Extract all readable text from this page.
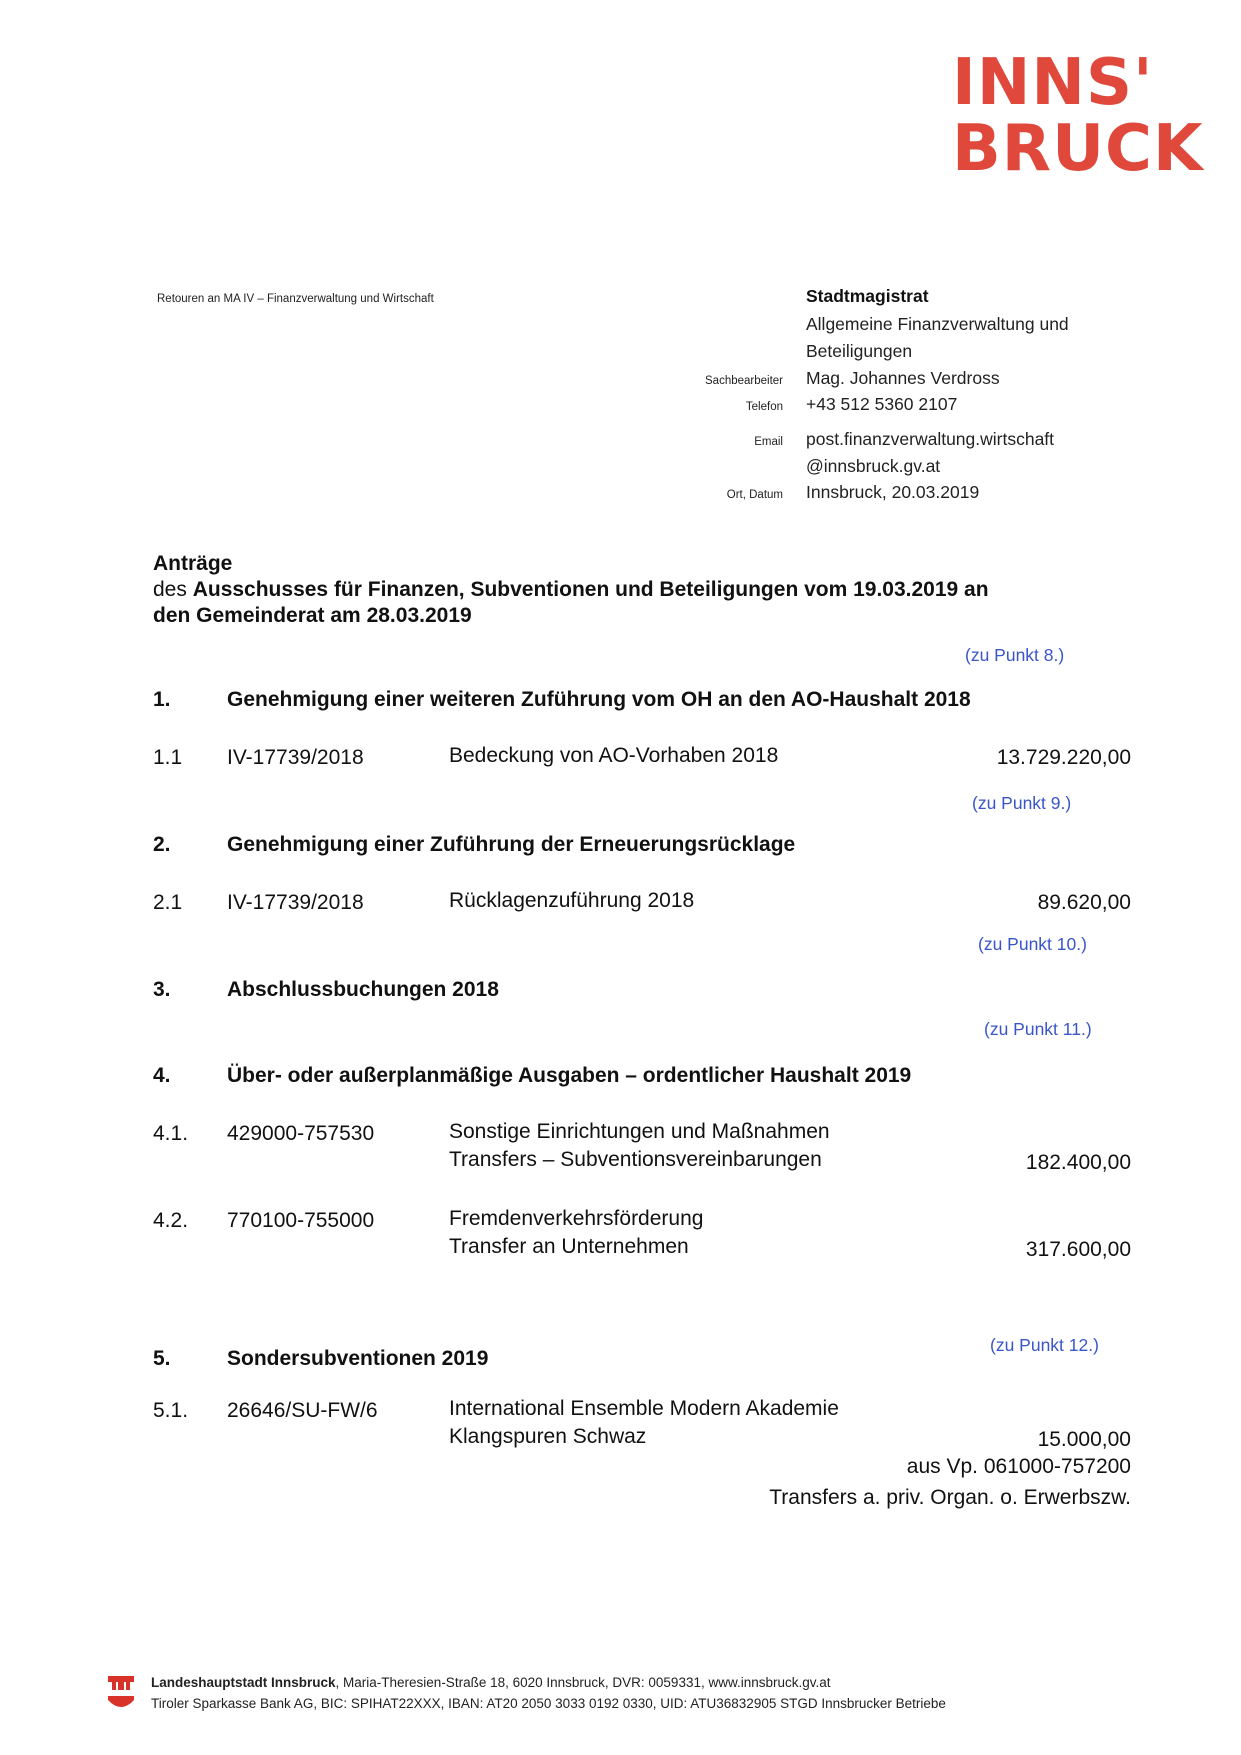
INNS'
BRUCK
Retouren an MA IV – Finanzverwaltung und Wirtschaft	Stadtmagistrat
Allgemeine Finanzverwaltung und
Beteiligungen
Sachbearbeiter Mag. Johannes Verdross
Telefon +43 512 5360 2107
Email post.finanzverwaltung.wirtschaft
@innsbruck.gv.at
Ort, Datum Innsbruck, 20.03.2019
Anträge
des Ausschusses für Finanzen, Subventionen und Beteiligungen vom 19.03.2019 an
den Gemeinderat am 28.03.2019
(zu Punkt 8.)
1.	Genehmigung einer weiteren Zuführung vom OH an den AO-Haushalt 2018
1.1 IV-17739/2018	Bedeckung von AO-Vorhaben 2018	13.729.220,00
(zu Punkt 9.)
2.	Genehmigung einer Zuführung der Erneuerungsrücklage
2.1 IV-17739/2018	Rücklagenzuführung 2018	89.620,00
(zu Punkt 10.)
3.	Abschlussbuchungen 2018
(zu Punkt 11.)
4.	Über- oder außerplanmäßige Ausgaben – ordentlicher Haushalt 2019
4.1. 429000-757530	Sonstige Einrichtungen und Maßnahmen
Transfers – Subventionsvereinbarungen	182.400,00
4.2. 770100-755000	Fremdenverkehrsförderung
Transfer an Unternehmen	317.600,00
(zu Punkt 12.)
5.	Sondersubventionen 2019
5.1. 26646/SU-FW/6	International Ensemble Modern Akademie
Klangspuren Schwaz	15.000,00
aus Vp. 061000-757200
Transfers a. priv. Organ. o. Erwerbszw.
Landeshauptstadt Innsbruck, Maria-Theresien-Straße 18, 6020 Innsbruck, DVR: 0059331, www.innsbruck.gv.at
Tiroler Sparkasse Bank AG, BIC: SPIHAT22XXX, IBAN: AT20 2050 3033 0192 0330, UID: ATU36832905 STGD Innsbrucker Betriebe
